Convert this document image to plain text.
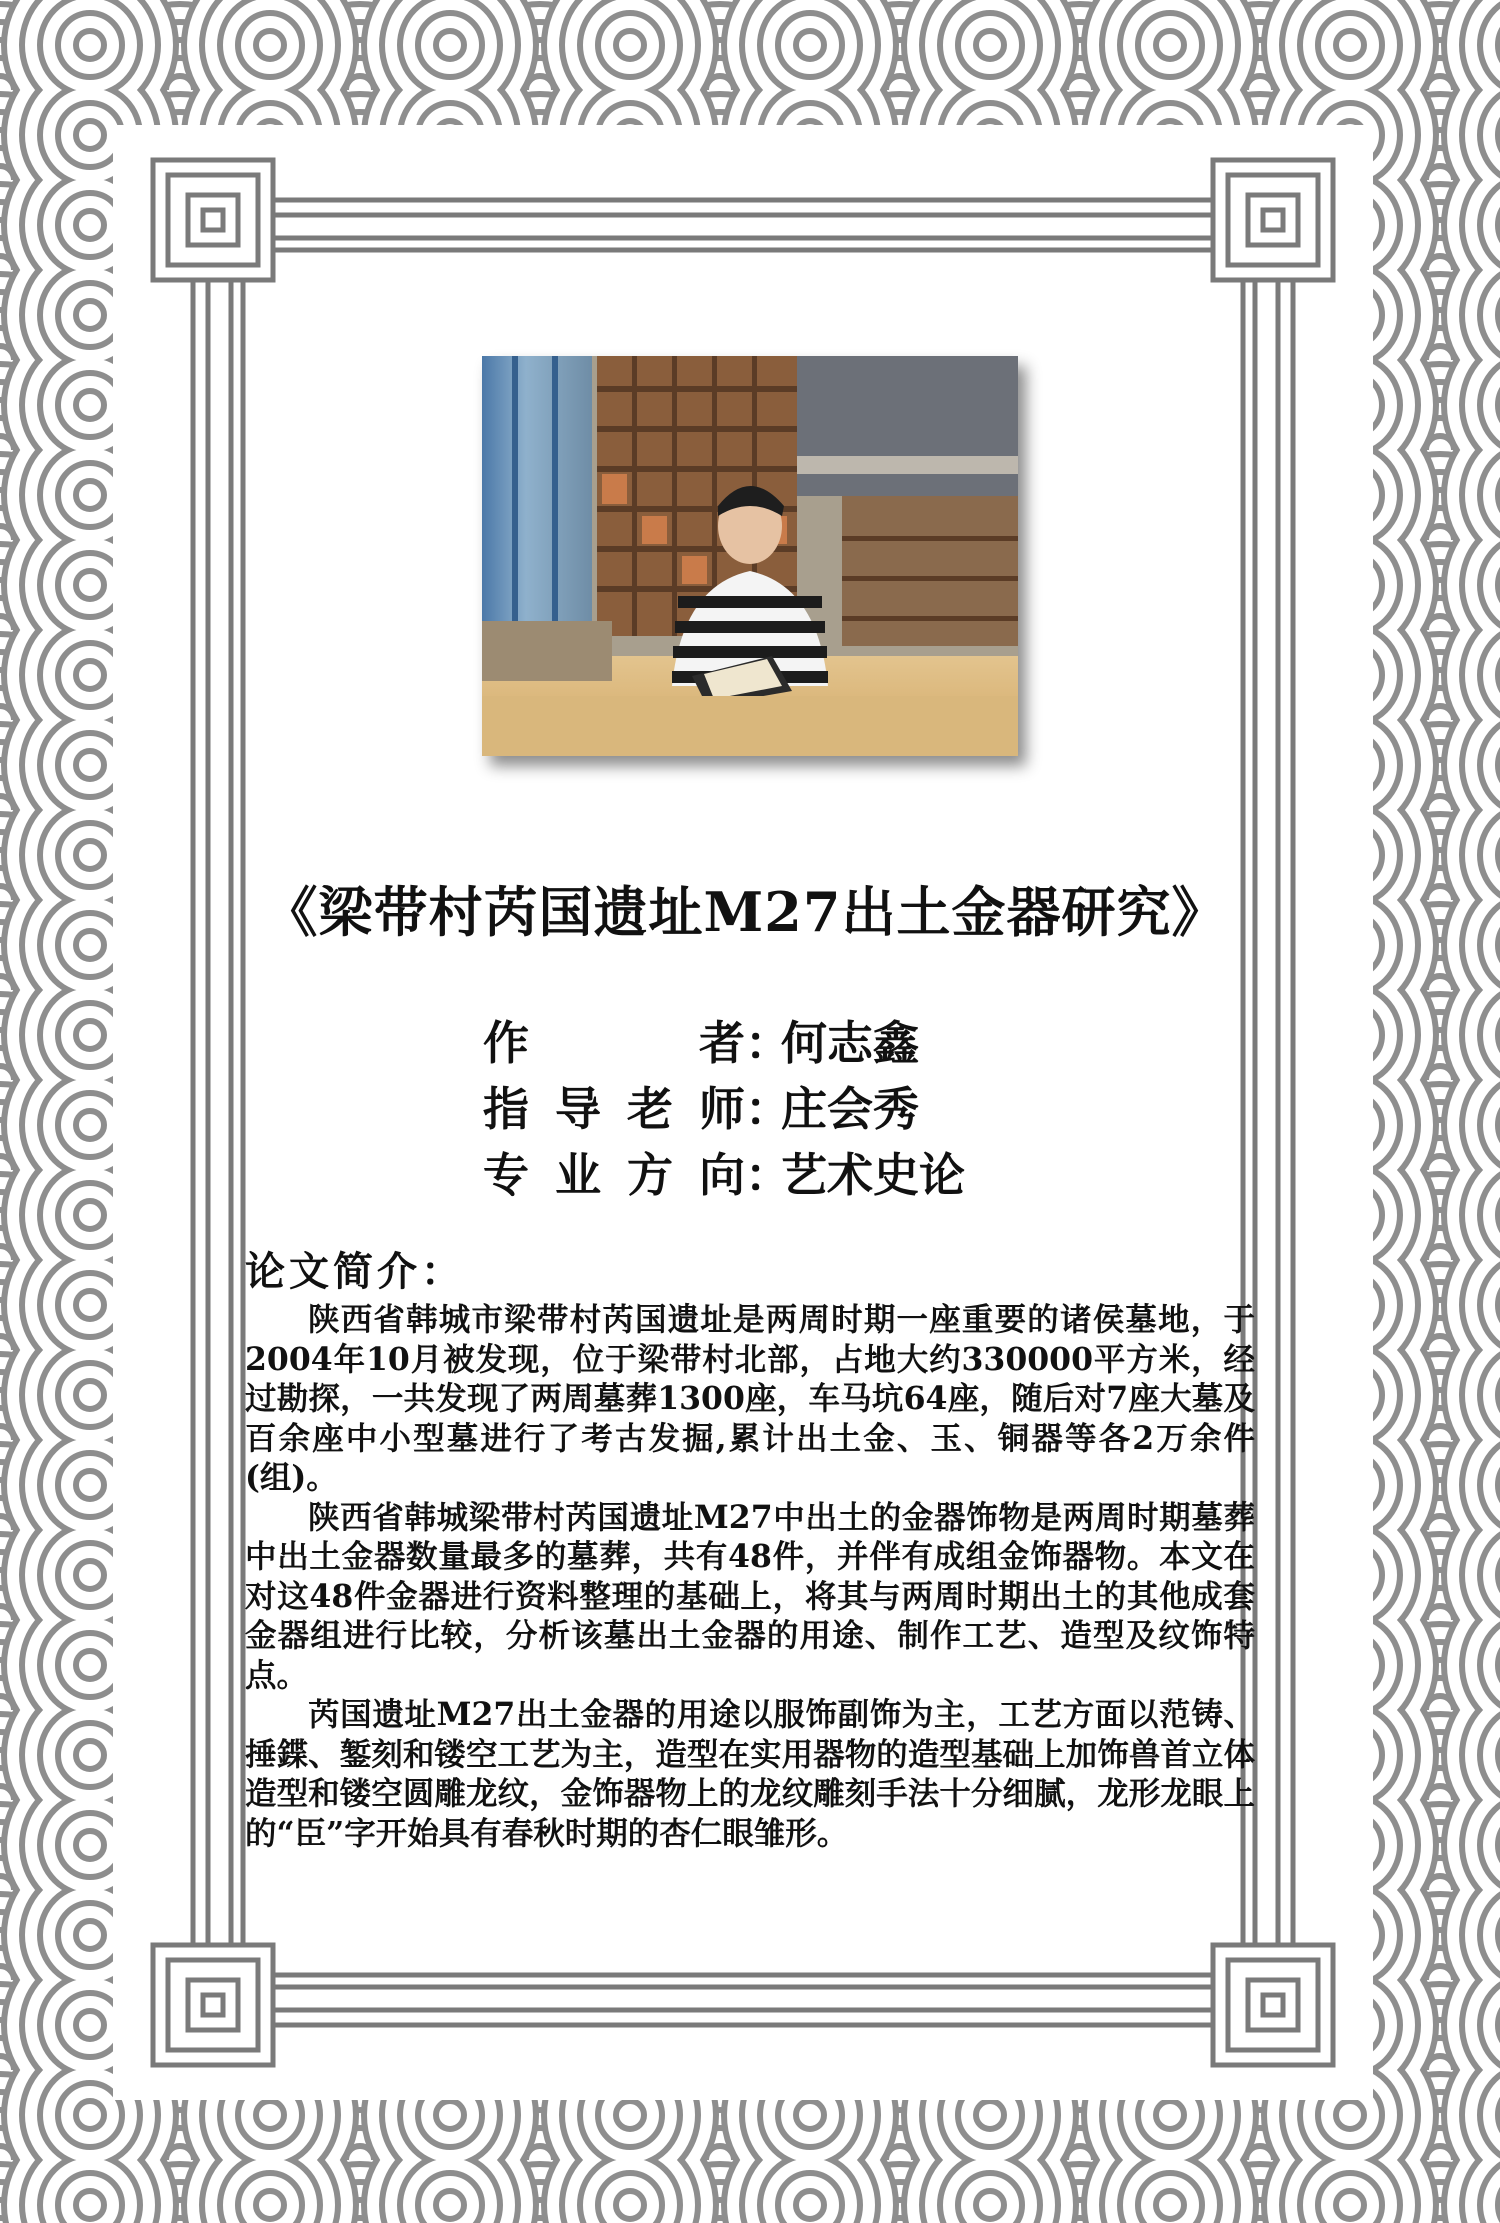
《梁带村芮国遗址M27出土金器研究》
作	者 ：
何志鑫
指 导 老 师 ：
庄会秀
专 业 方 向 ：
艺术史论
论文简介：

陕西省韩城市梁带村芮国遗址是两周时期一座重要的诸侯墓地，于2004年10月被发现，位于梁带村北部，占地大约330000平方米，经过勘探，一共发现了两周墓葬1300座，车马坑64座，随后对7座大墓及百余座中小型墓进行了考古发掘,累计出土金、玉、铜器等各2万余件(组)。

陕西省韩城梁带村芮国遗址M27中出土的金器饰物是两周时期墓葬中出土金器数量最多的墓葬，共有48件，并伴有成组金饰器物。本文在对这48件金器进行资料整理的基础上，将其与两周时期出土的其他成套金器组进行比较，分析该墓出土金器的用途、制作工艺、造型及纹饰特点。

芮国遗址M27出土金器的用途以服饰副饰为主，工艺方面以范铸、捶鍱、錾刻和镂空工艺为主，造型在实用器物的造型基础上加饰兽首立体造型和镂空圆雕龙纹，金饰器物上的龙纹雕刻手法十分细腻，龙形龙眼上的“臣”字开始具有春秋时期的杏仁眼雏形。
